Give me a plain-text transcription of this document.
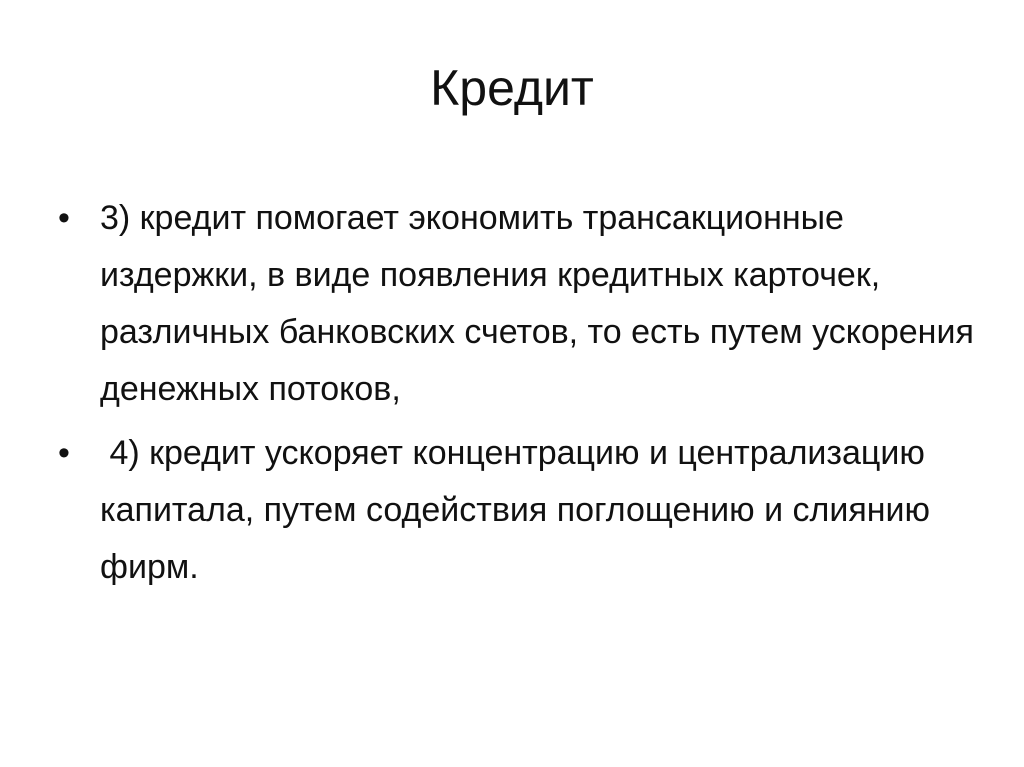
Кредит
• 3) кредит помогает экономить трансакционные издержки, в виде появления кредитных карточек, различных банковских счетов, то есть путем ускорения денежных потоков,
• 4) кредит ускоряет концентрацию и централизацию капитала, путем содействия поглощению и слиянию фирм.
